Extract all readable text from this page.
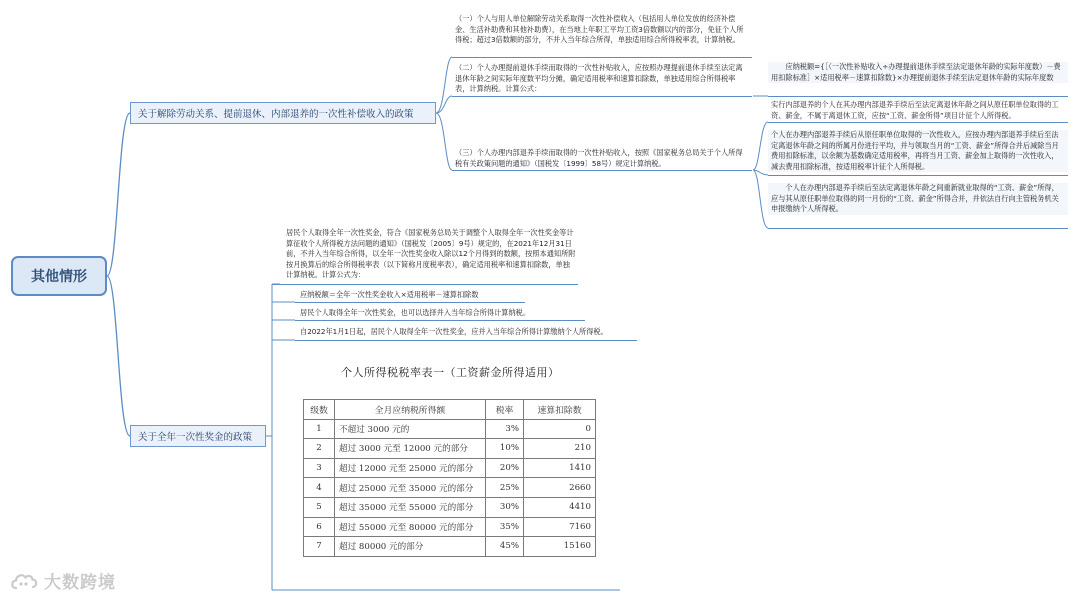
其他情形
关于解除劳动关系、提前退休、内部退养的一次性补偿收入的政策
（一）个人与用人单位解除劳动关系取得一次性补偿收入（包括用人单位发放的经济补偿金、生活补助费和其他补助费），在当地上年职工平均工资3倍数额以内的部分，免征个人所得税；超过3倍数额的部分，不并入当年综合所得，单独适用综合所得税率表，计算纳税。
（二）个人办理提前退休手续而取得的一次性补贴收入，应按照办理提前退休手续至法定离退休年龄之间实际年度数平均分摊，确定适用税率和速算扣除数，单独适用综合所得税率表，计算纳税。计算公式：
（三）个人办理内部退养手续而取得的一次性补贴收入，按照《国家税务总局关于个人所得税有关政策问题的通知》（国税发〔1999〕58号）规定计算纳税。
应纳税额={［（一次性补贴收入÷办理提前退休手续至法定退休年龄的实际年度数）－费用扣除标准］×适用税率－速算扣除数}×办理提前退休手续至法定退休年龄的实际年度数
实行内部退养的个人在其办理内部退养手续后至法定离退休年龄之间从原任职单位取得的工资、薪金，不属于离退休工资，应按“工资、薪金所得”项目计征个人所得税。
个人在办理内部退养手续后从原任职单位取得的一次性收入，应按办理内部退养手续后至法定离退休年龄之间的所属月份进行平均，并与领取当月的“工资、薪金”所得合并后减除当月费用扣除标准，以余额为基数确定适用税率，再将当月工资、薪金加上取得的一次性收入，减去费用扣除标准，按适用税率计征个人所得税。
个人在办理内部退养手续后至法定离退休年龄之间重新就业取得的“工资、薪金”所得，应与其从原任职单位取得的同一月份的“工资、薪金”所得合并，并依法自行向主管税务机关申报缴纳个人所得税。
关于全年一次性奖金的政策
居民个人取得全年一次性奖金，符合《国家税务总局关于调整个人取得全年一次性奖金等计算征收个人所得税方法问题的通知》（国税发〔2005〕9号）规定的，在2021年12月31日前，不并入当年综合所得，以全年一次性奖金收入除以12个月得到的数额，按照本通知所附按月换算后的综合所得税率表（以下简称月度税率表），确定适用税率和速算扣除数，单独计算纳税。计算公式为：
应纳税额＝全年一次性奖金收入×适用税率－速算扣除数
居民个人取得全年一次性奖金，也可以选择并入当年综合所得计算纳税。
自2022年1月1日起，居民个人取得全年一次性奖金，应并入当年综合所得计算缴纳个人所得税。
个人所得税税率表一（工资薪金所得适用）
级数	全月应纳税所得额	税率	速算扣除数
1	不超过 3000 元的	3%	0
2	超过 3000 元至 12000 元的部分	10%	210
3	超过 12000 元至 25000 元的部分	20%	1410
4	超过 25000 元至 35000 元的部分	25%	2660
5	超过 35000 元至 55000 元的部分	30%	4410
6	超过 55000 元至 80000 元的部分	35%	7160
7	超过 80000 元的部分	45%	15160
大数跨境
